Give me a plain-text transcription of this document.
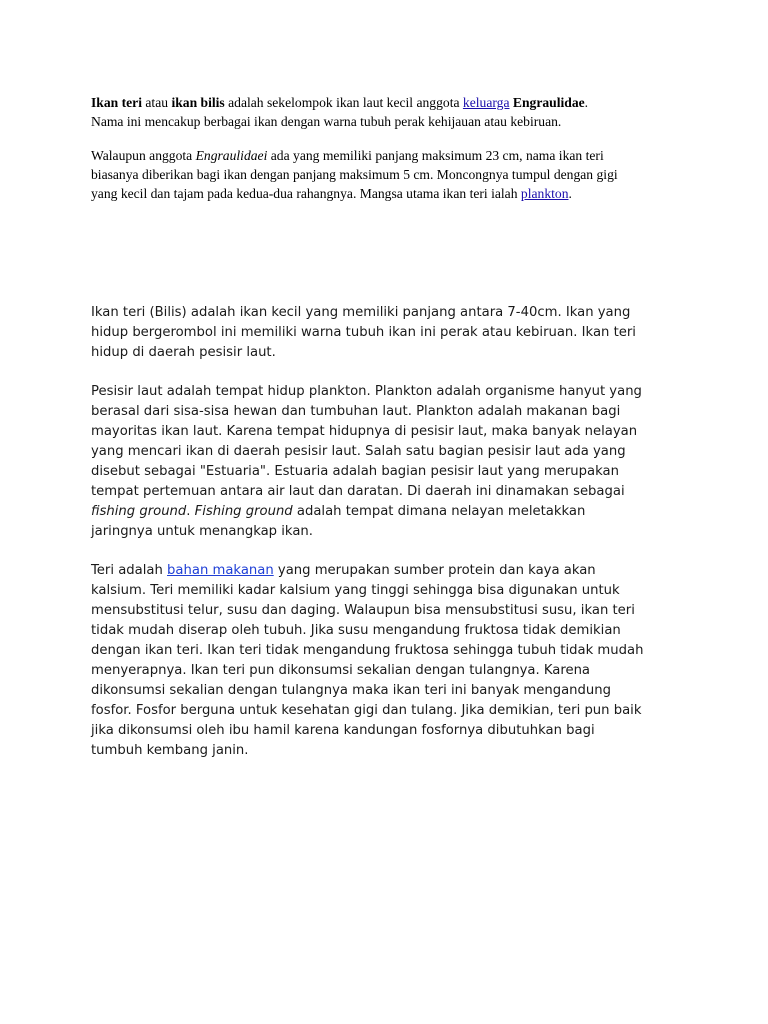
Ikan teri atau ikan bilis adalah sekelompok ikan laut kecil anggota keluarga Engraulidae.

Nama ini mencakup berbagai ikan dengan warna tubuh perak kehijauan atau kebiruan.

Walaupun anggota Engraulidaei ada yang memiliki panjang maksimum 23 cm, nama ikan teri

biasanya diberikan bagi ikan dengan panjang maksimum 5 cm. Moncongnya tumpul dengan gigi

yang kecil dan tajam pada kedua-dua rahangnya. Mangsa utama ikan teri ialah plankton.

Ikan teri (Bilis) adalah ikan kecil yang memiliki panjang antara 7-40cm. Ikan yang

hidup bergerombol ini memiliki warna tubuh ikan ini perak atau kebiruan. Ikan teri

hidup di daerah pesisir laut.

Pesisir laut adalah tempat hidup plankton. Plankton adalah organisme hanyut yang

berasal dari sisa-sisa hewan dan tumbuhan laut. Plankton adalah makanan bagi

mayoritas ikan laut. Karena tempat hidupnya di pesisir laut, maka banyak nelayan

yang mencari ikan di daerah pesisir laut. Salah satu bagian pesisir laut ada yang

disebut sebagai "Estuaria". Estuaria adalah bagian pesisir laut yang merupakan

tempat pertemuan antara air laut dan daratan. Di daerah ini dinamakan sebagai

fishing ground. Fishing ground adalah tempat dimana nelayan meletakkan

jaringnya untuk menangkap ikan.

Teri adalah bahan makanan yang merupakan sumber protein dan kaya akan

kalsium. Teri memiliki kadar kalsium yang tinggi sehingga bisa digunakan untuk

mensubstitusi telur, susu dan daging. Walaupun bisa mensubstitusi susu, ikan teri

tidak mudah diserap oleh tubuh. Jika susu mengandung fruktosa tidak demikian

dengan ikan teri. Ikan teri tidak mengandung fruktosa sehingga tubuh tidak mudah

menyerapnya. Ikan teri pun dikonsumsi sekalian dengan tulangnya. Karena

dikonsumsi sekalian dengan tulangnya maka ikan teri ini banyak mengandung

fosfor. Fosfor berguna untuk kesehatan gigi dan tulang. Jika demikian, teri pun baik

jika dikonsumsi oleh ibu hamil karena kandungan fosfornya dibutuhkan bagi

tumbuh kembang janin.
